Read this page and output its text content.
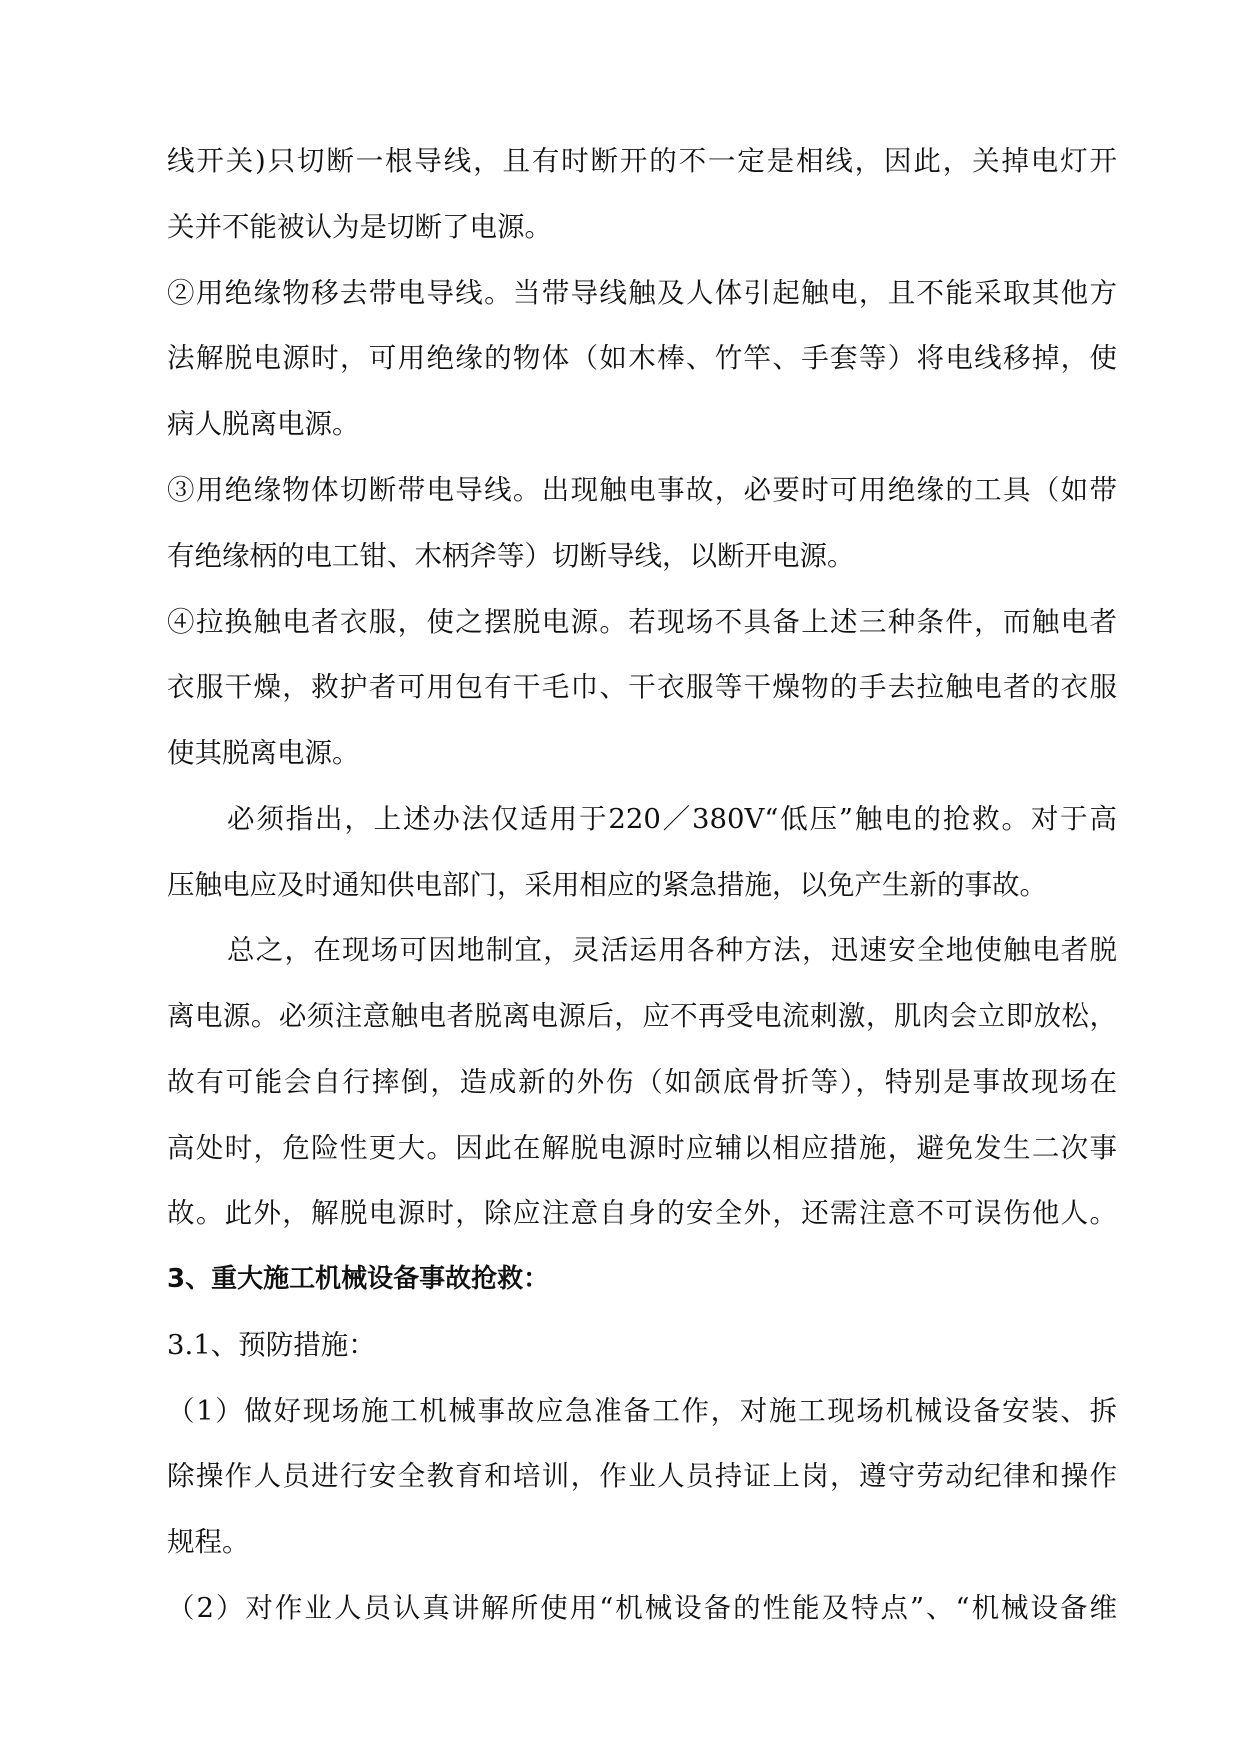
线开关)只切断一根导线，且有时断开的不一定是相线，因此，关掉电灯开
关并不能被认为是切断了电源。
②用绝缘物移去带电导线。当带导线触及人体引起触电，且不能采取其他方
法解脱电源时，可用绝缘的物体（如木棒、竹竿、手套等）将电线移掉，使
病人脱离电源。
③用绝缘物体切断带电导线。出现触电事故，必要时可用绝缘的工具（如带
有绝缘柄的电工钳、木柄斧等）切断导线，以断开电源。
④拉换触电者衣服，使之摆脱电源。若现场不具备上述三种条件，而触电者
衣服干燥，救护者可用包有干毛巾、干衣服等干燥物的手去拉触电者的衣服
使其脱离电源。
必须指出，上述办法仅适用于220／380V“低压”触电的抢救。对于高
压触电应及时通知供电部门，采用相应的紧急措施，以免产生新的事故。
总之，在现场可因地制宜，灵活运用各种方法，迅速安全地使触电者脱
离电源。必须注意触电者脱离电源后，应不再受电流刺激，肌肉会立即放松，
故有可能会自行摔倒，造成新的外伤（如颌底骨折等），特别是事故现场在
高处时，危险性更大。因此在解脱电源时应辅以相应措施，避免发生二次事
故。此外，解脱电源时，除应注意自身的安全外，还需注意不可误伤他人。
3、重大施工机械设备事故抢救：
3.1、预防措施：
（1）做好现场施工机械事故应急准备工作，对施工现场机械设备安装、拆
除操作人员进行安全教育和培训，作业人员持证上岗，遵守劳动纪律和操作
规程。
（2）对作业人员认真讲解所使用“机械设备的性能及特点”、“机械设备维
